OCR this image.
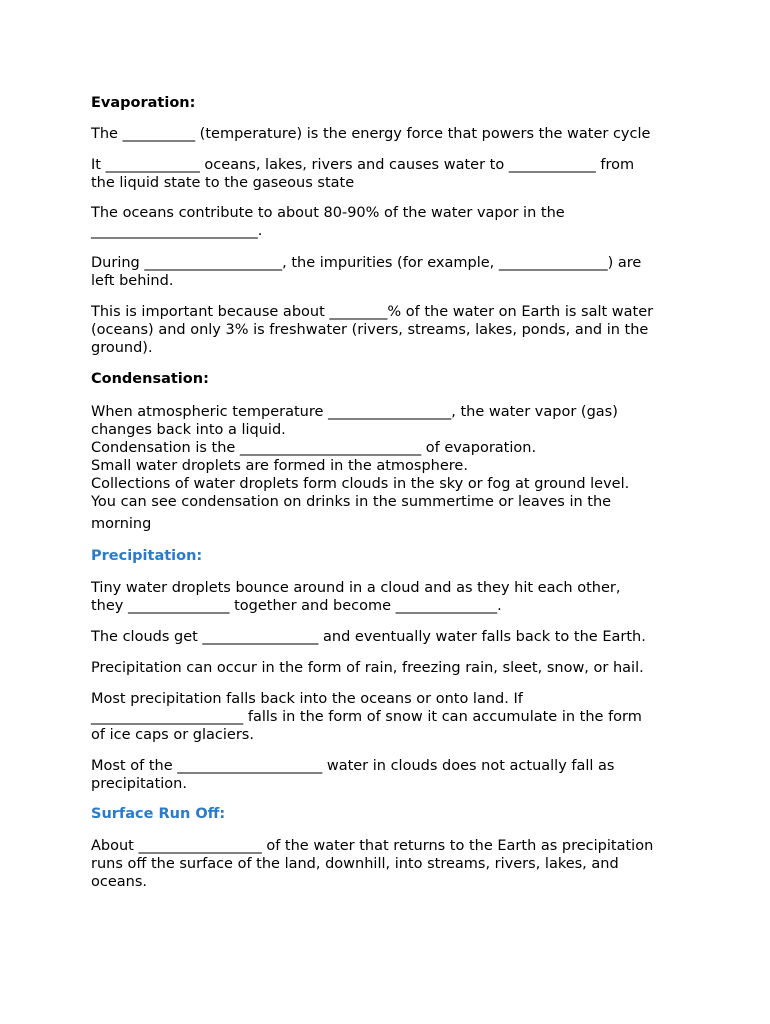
Evaporation:
The __________ (temperature) is the energy force that powers the water cycle
It _____________ oceans, lakes, rivers and causes water to ____________ from
the liquid state to the gaseous state
The oceans contribute to about 80-90% of the water vapor in the
_______________________.
During ___________________, the impurities (for example, _______________) are
left behind.
This is important because about ________% of the water on Earth is salt water
(oceans) and only 3% is freshwater (rivers, streams, lakes, ponds, and in the
ground).
Condensation:
When atmospheric temperature _________________, the water vapor (gas)
changes back into a liquid.
Condensation is the _________________________ of evaporation.
Small water droplets are formed in the atmosphere.
Collections of water droplets form clouds in the sky or fog at ground level.
You can see condensation on drinks in the summertime or leaves in the
morning
Precipitation:
Tiny water droplets bounce around in a cloud and as they hit each other,
they ______________ together and become ______________.
The clouds get ________________ and eventually water falls back to the Earth.
Precipitation can occur in the form of rain, freezing rain, sleet, snow, or hail.
Most precipitation falls back into the oceans or onto land. If
_____________________ falls in the form of snow it can accumulate in the form
of ice caps or glaciers.
Most of the ____________________ water in clouds does not actually fall as
precipitation.
Surface Run Off:
About _________________ of the water that returns to the Earth as precipitation
runs off the surface of the land, downhill, into streams, rivers, lakes, and
oceans.
